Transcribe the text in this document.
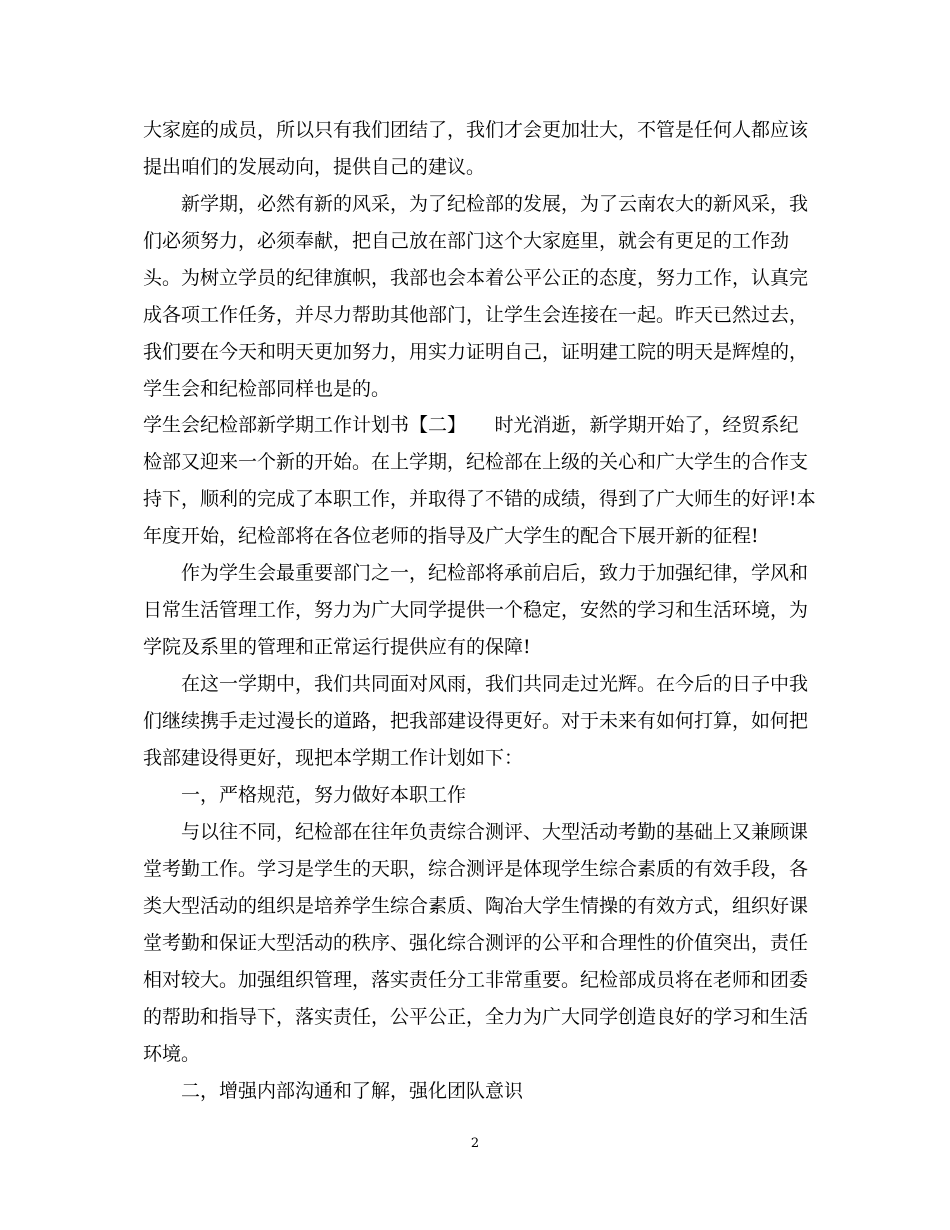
大家庭的成员，所以只有我们团结了，我们才会更加壮大，不管是任何人都应该

提出咱们的发展动向，提供自己的建议。

新学期，必然有新的风采，为了纪检部的发展，为了云南农大的新风采，我

们必须努力，必须奉献，把自己放在部门这个大家庭里，就会有更足的工作劲

头。为树立学员的纪律旗帜，我部也会本着公平公正的态度，努力工作，认真完

成各项工作任务，并尽力帮助其他部门，让学生会连接在一起。昨天已然过去，

我们要在今天和明天更加努力，用实力证明自己，证明建工院的明天是辉煌的，

学生会和纪检部同样也是的。

学生会纪检部新学期工作计划书【二】　　时光消逝，新学期开始了，经贸系纪

检部又迎来一个新的开始。在上学期，纪检部在上级的关心和广大学生的合作支

持下，顺利的完成了本职工作，并取得了不错的成绩，得到了广大师生的好评!本

年度开始，纪检部将在各位老师的指导及广大学生的配合下展开新的征程!

作为学生会最重要部门之一，纪检部将承前启后，致力于加强纪律，学风和

日常生活管理工作，努力为广大同学提供一个稳定，安然的学习和生活环境，为

学院及系里的管理和正常运行提供应有的保障!

在这一学期中，我们共同面对风雨，我们共同走过光辉。在今后的日子中我

们继续携手走过漫长的道路，把我部建设得更好。对于未来有如何打算，如何把

我部建设得更好，现把本学期工作计划如下：

一，严格规范，努力做好本职工作

与以往不同，纪检部在往年负责综合测评、大型活动考勤的基础上又兼顾课

堂考勤工作。学习是学生的天职，综合测评是体现学生综合素质的有效手段，各

类大型活动的组织是培养学生综合素质、陶冶大学生情操的有效方式，组织好课

堂考勤和保证大型活动的秩序、强化综合测评的公平和合理性的价值突出，责任

相对较大。加强组织管理，落实责任分工非常重要。纪检部成员将在老师和团委

的帮助和指导下，落实责任，公平公正，全力为广大同学创造良好的学习和生活

环境。

二，增强内部沟通和了解，强化团队意识

2
